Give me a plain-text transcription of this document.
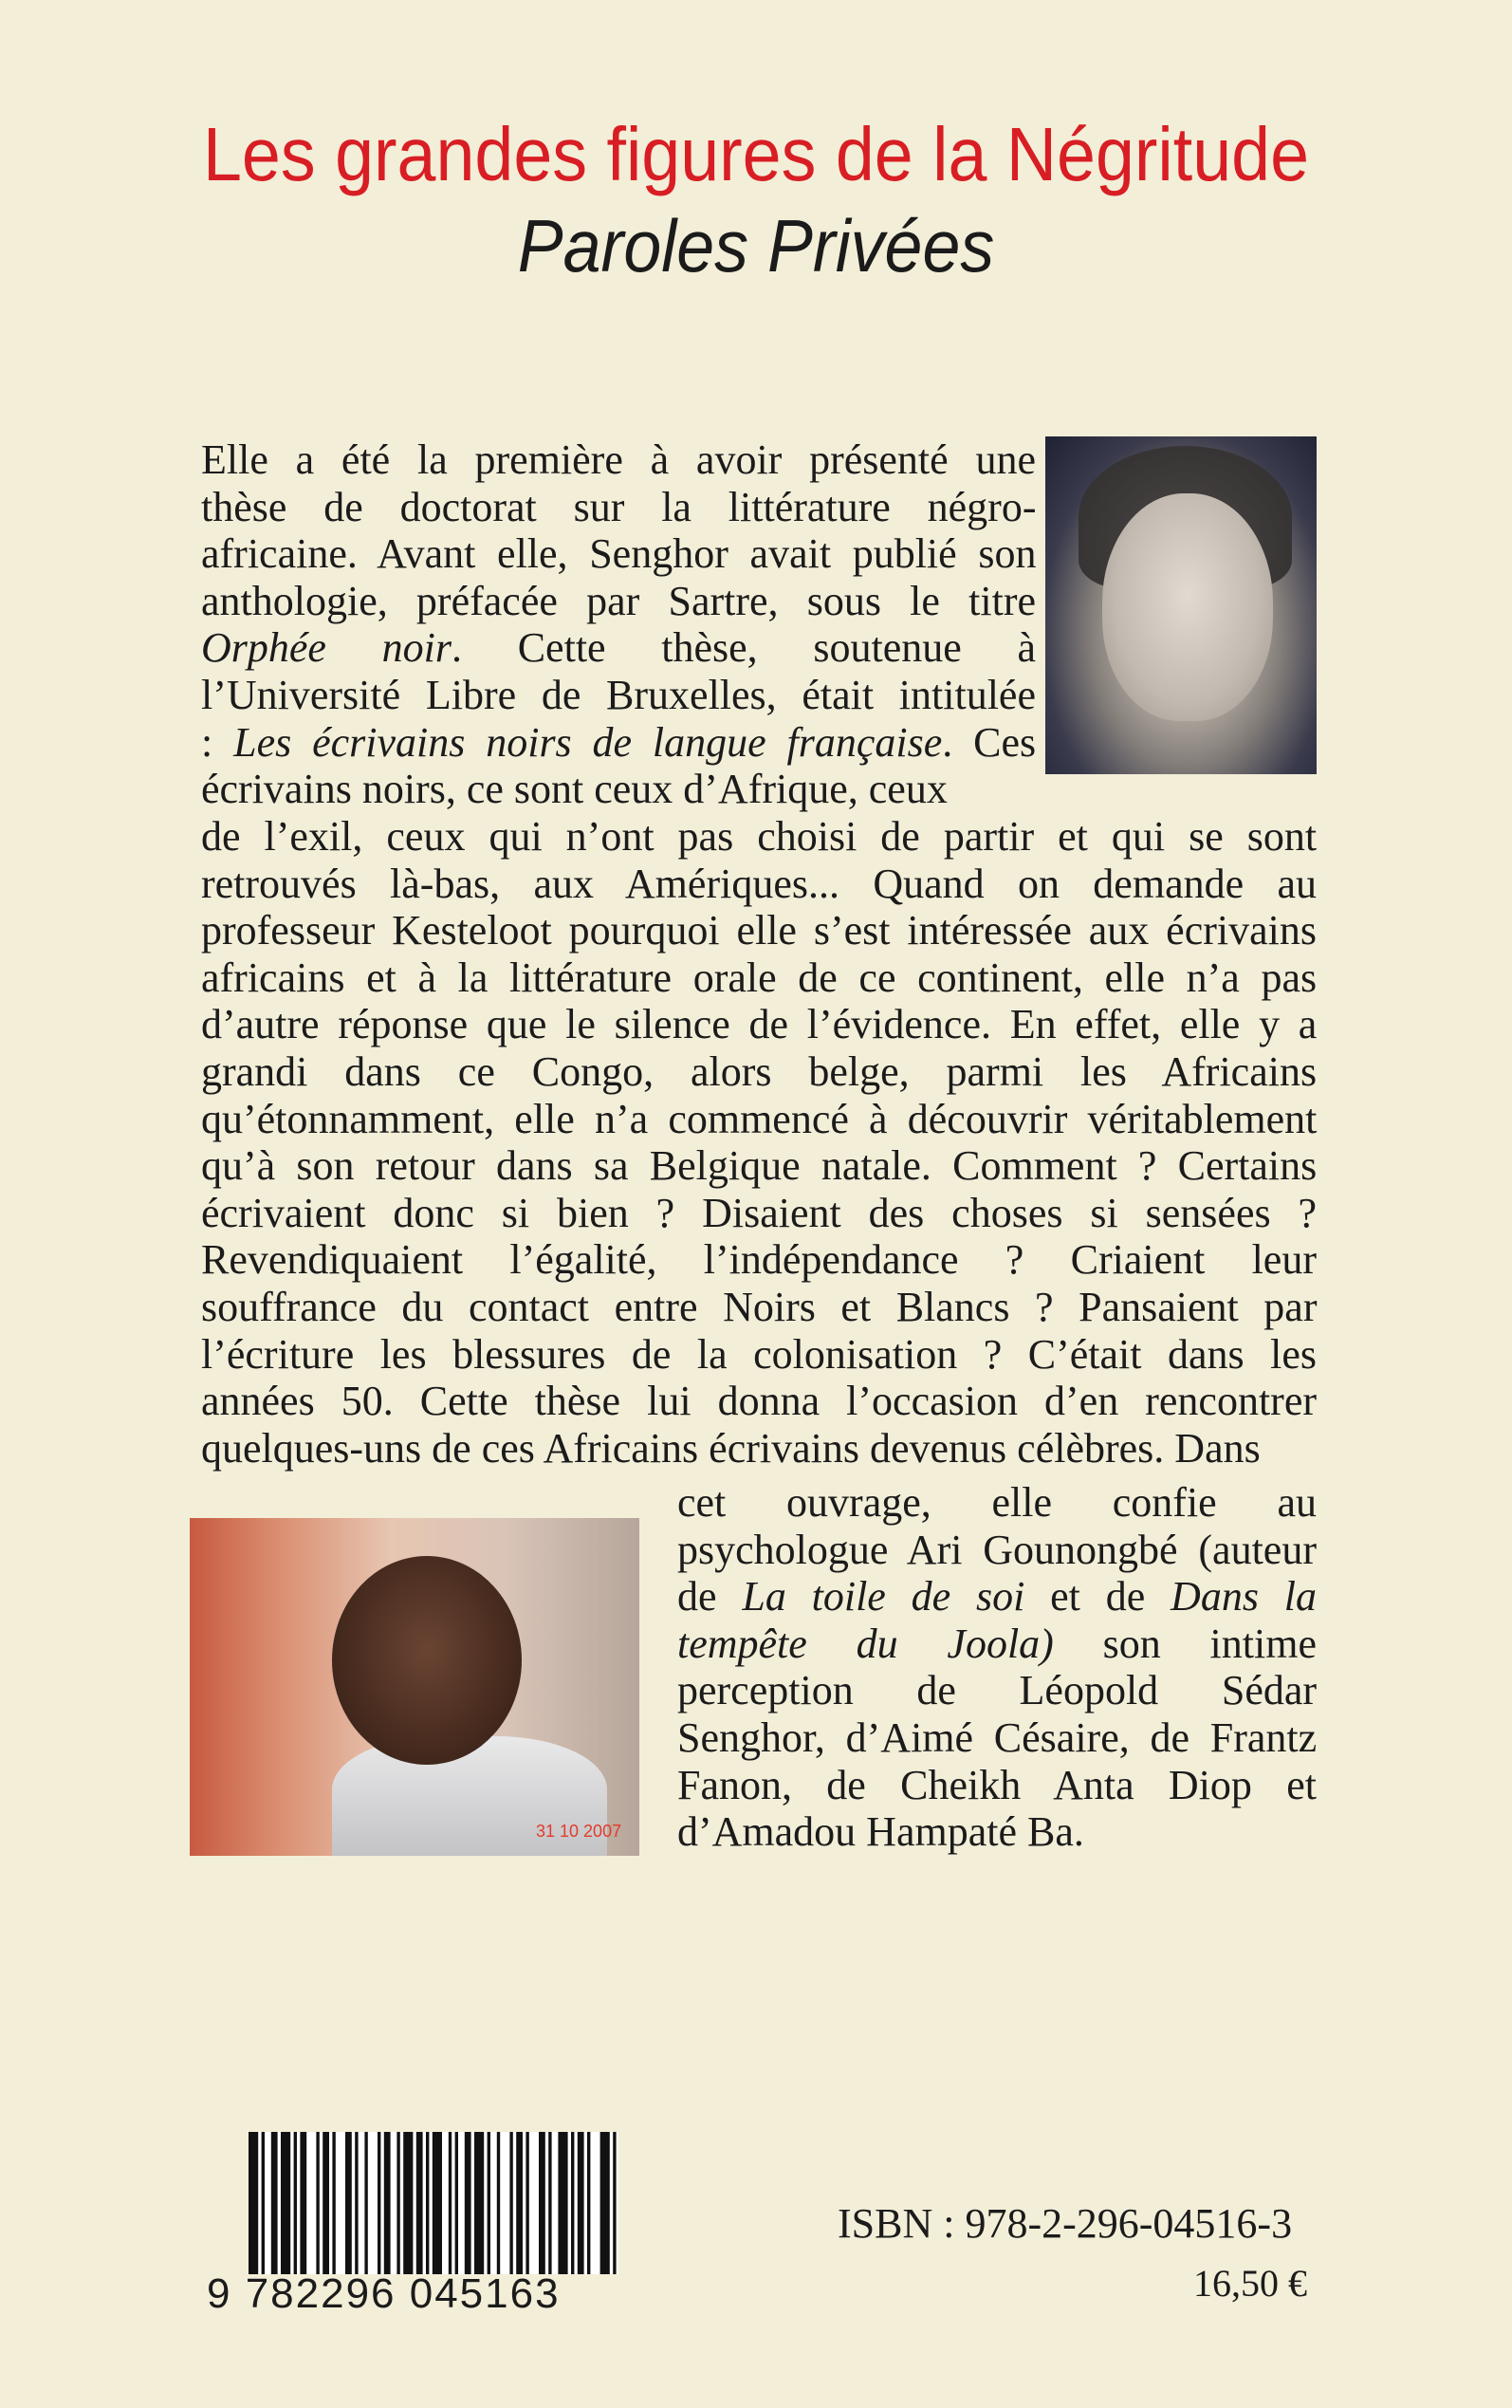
Les grandes figures de la Négritude
Paroles Privées
Elle a été la première à avoir présenté une
thèse de doctorat sur la littérature négro-
africaine. Avant elle, Senghor avait publié son
anthologie, préfacée par Sartre, sous le titre
Orphée noir. Cette thèse, soutenue à
l’Université Libre de Bruxelles, était intitulée
: Les écrivains noirs de langue française. Ces
écrivains noirs, ce sont ceux d’Afrique, ceux
de l’exil, ceux qui n’ont pas choisi de partir et qui se sont
retrouvés là-bas, aux Amériques... Quand on demande au
professeur Kesteloot pourquoi elle s’est intéressée aux écrivains
africains et à la littérature orale de ce continent, elle n’a pas
d’autre réponse que le silence de l’évidence. En effet, elle y a
grandi dans ce Congo, alors belge, parmi les Africains
qu’étonnamment, elle n’a commencé à découvrir véritablement
qu’à son retour dans sa Belgique natale. Comment ? Certains
écrivaient donc si bien ? Disaient des choses si sensées ?
Revendiquaient l’égalité, l’indépendance ? Criaient leur
souffrance du contact entre Noirs et Blancs ? Pansaient par
l’écriture les blessures de la colonisation ? C’était dans les
années 50. Cette thèse lui donna l’occasion d’en rencontrer
quelques-uns de ces Africains écrivains devenus célèbres. Dans
31 10 2007
cet ouvrage, elle confie au
psychologue Ari Gounongbé (auteur
de La toile de soi et de Dans la
tempête du Joola) son intime
perception de Léopold Sédar
Senghor, d’Aimé Césaire, de Frantz
Fanon, de Cheikh Anta Diop et
d’Amadou Hampaté Ba.
9 782296 045163
ISBN : 978-2-296-04516-3
16,50 €
